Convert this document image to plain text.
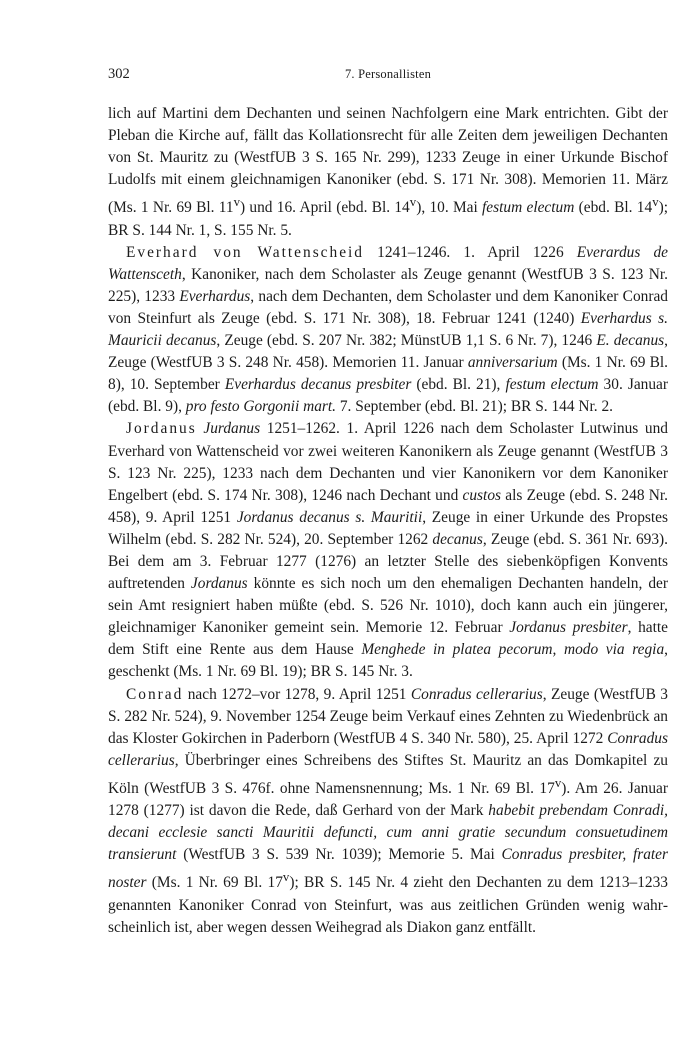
302	7. Personallisten

lich auf Martini dem Dechanten und seinen Nachfolgern eine Mark entrichten. Gibt der Pleban die Kirche auf, fällt das Kollationsrecht für alle Zeiten dem jeweiligen Dechanten von St. Mauritz zu (WestfUB 3 S. 165 Nr. 299), 1233 Zeuge in einer Urkunde Bischof Ludolfs mit einem gleichnamigen Kanoniker (ebd. S. 171 Nr. 308). Memorien 11. März (Ms. 1 Nr. 69 Bl. 11$^v$) und 16. April (ebd. Bl. 14$^v$), 10. Mai festum electum (ebd. Bl. 14$^v$); BR S. 144 Nr. 1, S. 155 Nr. 5.

Everhard von Wattenscheid 1241–1246. 1. April 1226 Everardus de Wattensceth, Kanoniker, nach dem Scholaster als Zeuge genannt (WestfUB 3 S. 123 Nr. 225), 1233 Everhardus, nach dem Dechanten, dem Scholaster und dem Kanoniker Conrad von Steinfurt als Zeuge (ebd. S. 171 Nr. 308), 18. Februar 1241 (1240) Everhardus s. Mauricii decanus, Zeuge (ebd. S. 207 Nr. 382; MünstUB 1,1 S. 6 Nr. 7), 1246 E. decanus, Zeuge (WestfUB 3 S. 248 Nr. 458). Memorien 11. Januar anniversarium (Ms. 1 Nr. 69 Bl. 8), 10. September Everhardus decanus presbiter (ebd. Bl. 21), festum electum 30. Januar (ebd. Bl. 9), pro festo Gorgonii mart. 7. September (ebd. Bl. 21); BR S. 144 Nr. 2.

Jordanus Jurdanus 1251–1262. 1. April 1226 nach dem Scholaster Lutwinus und Everhard von Wattenscheid vor zwei weiteren Kanonikern als Zeuge genannt (WestfUB 3 S. 123 Nr. 225), 1233 nach dem Dechanten und vier Kanonikern vor dem Kanoniker Engelbert (ebd. S. 174 Nr. 308), 1246 nach Dechant und custos als Zeuge (ebd. S. 248 Nr. 458), 9. April 1251 Jordanus decanus s. Mauritii, Zeuge in einer Urkunde des Propstes Wilhelm (ebd. S. 282 Nr. 524), 20. September 1262 decanus, Zeuge (ebd. S. 361 Nr. 693). Bei dem am 3. Februar 1277 (1276) an letzter Stelle des siebenköpfigen Konvents auftretenden Jordanus könnte es sich noch um den ehemaligen Dechanten handeln, der sein Amt resigniert haben müßte (ebd. S. 526 Nr. 1010), doch kann auch ein jüngerer, gleichnamiger Kanoniker gemeint sein. Memorie 12. Februar Jordanus presbiter, hatte dem Stift eine Rente aus dem Hause Menghede in platea pecorum, modo via regia, geschenkt (Ms. 1 Nr. 69 Bl. 19); BR S. 145 Nr. 3.

Conrad nach 1272–vor 1278, 9. April 1251 Conradus cellerarius, Zeuge (WestfUB 3 S. 282 Nr. 524), 9. November 1254 Zeuge beim Verkauf eines Zehnten zu Wiedenbrück an das Kloster Gokirchen in Paderborn (WestfUB 4 S. 340 Nr. 580), 25. April 1272 Conradus cellerarius, Überbringer eines Schreibens des Stiftes St. Mauritz an das Domkapitel zu Köln (WestfUB 3 S. 476f. ohne Namensnennung; Ms. 1 Nr. 69 Bl. 17$^v$). Am 26. Januar 1278 (1277) ist davon die Rede, daß Gerhard von der Mark habebit prebendam Conradi, decani ecclesie sancti Mauritii defuncti, cum anni gratie secundum consuetudinem transierunt (WestfUB 3 S. 539 Nr. 1039); Memorie 5. Mai Conradus presbiter, frater noster (Ms. 1 Nr. 69 Bl. 17$^v$); BR S. 145 Nr. 4 zieht den Dechanten zu dem 1213–1233 genannten Kanoniker Conrad von Steinfurt, was aus zeitlichen Gründen wenig wahrscheinlich ist, aber wegen dessen Weihegrad als Diakon ganz entfällt.
